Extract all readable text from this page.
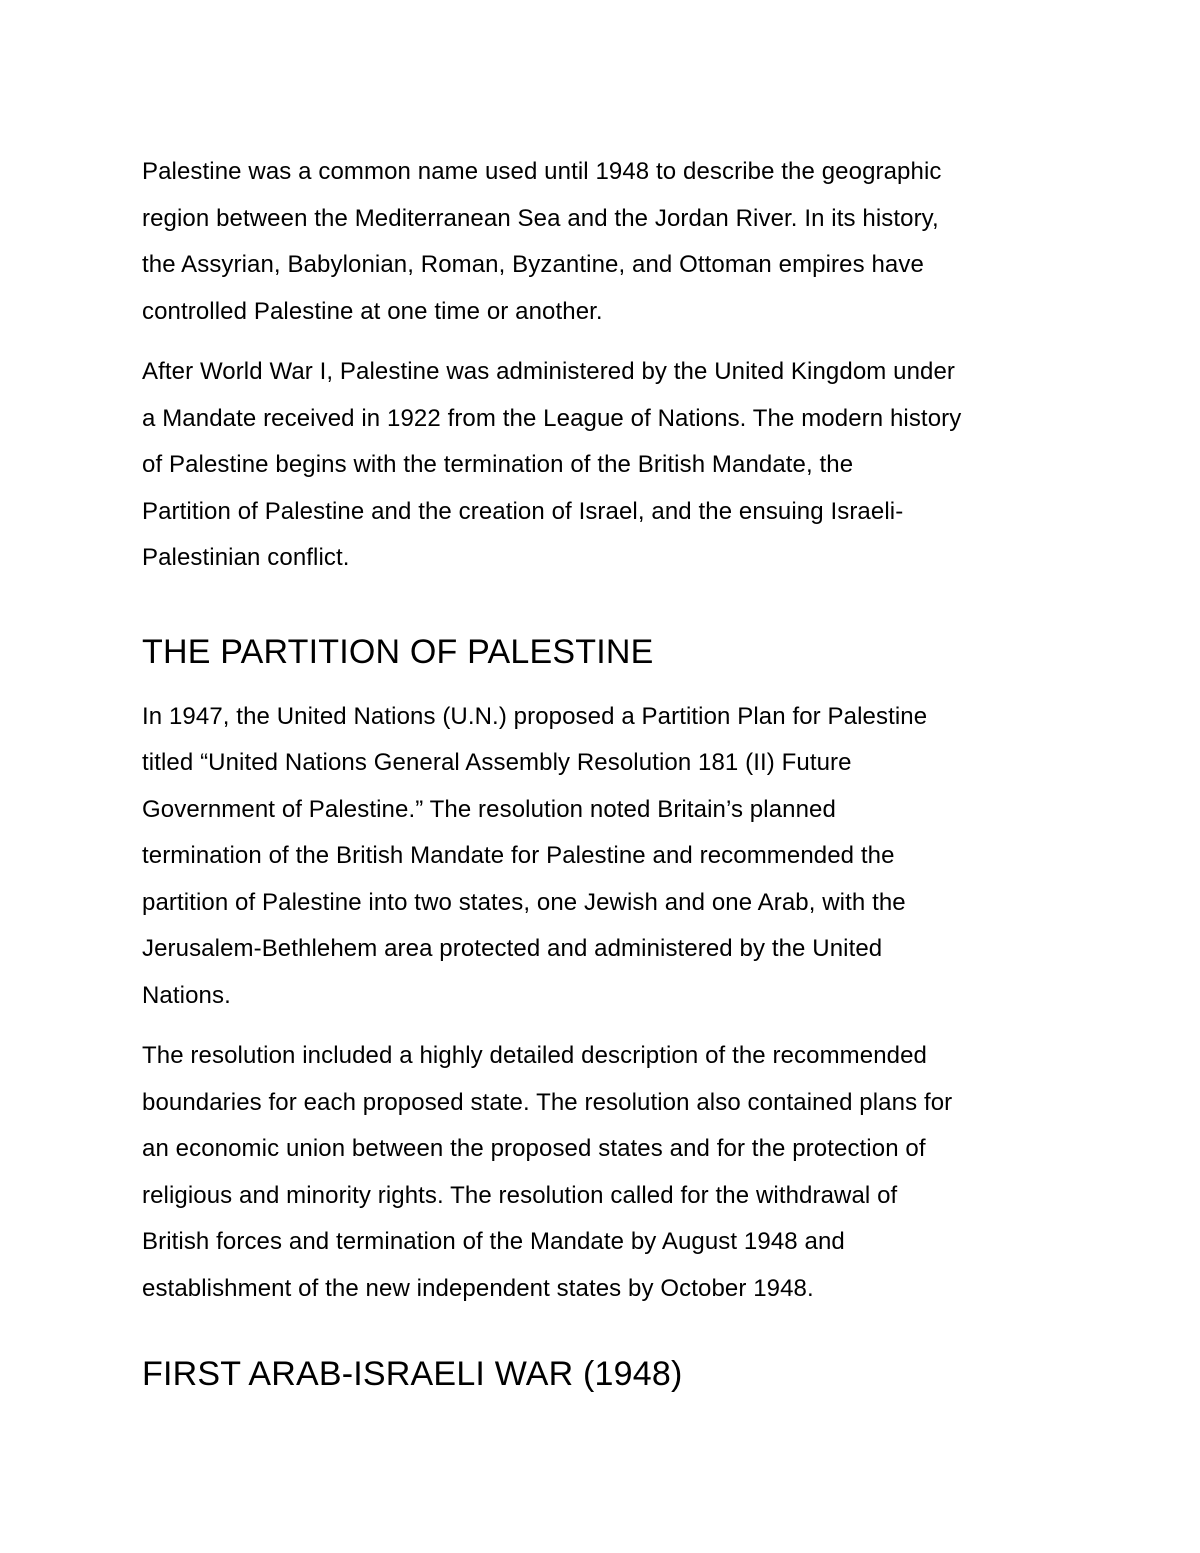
Palestine was a common name used until 1948 to describe the geographic
region between the Mediterranean Sea and the Jordan River. In its history,
the Assyrian, Babylonian, Roman, Byzantine, and Ottoman empires have
controlled Palestine at one time or another.

After World War I, Palestine was administered by the United Kingdom under
a Mandate received in 1922 from the League of Nations. The modern history
of Palestine begins with the termination of the British Mandate, the
Partition of Palestine and the creation of Israel, and the ensuing Israeli-
Palestinian conflict.

THE PARTITION OF PALESTINE

In 1947, the United Nations (U.N.) proposed a Partition Plan for Palestine
titled “United Nations General Assembly Resolution 181 (II) Future
Government of Palestine.” The resolution noted Britain’s planned
termination of the British Mandate for Palestine and recommended the
partition of Palestine into two states, one Jewish and one Arab, with the
Jerusalem-Bethlehem area protected and administered by the United
Nations.

The resolution included a highly detailed description of the recommended
boundaries for each proposed state. The resolution also contained plans for
an economic union between the proposed states and for the protection of
religious and minority rights. The resolution called for the withdrawal of
British forces and termination of the Mandate by August 1948 and
establishment of the new independent states by October 1948.

FIRST ARAB-ISRAELI WAR (1948)
